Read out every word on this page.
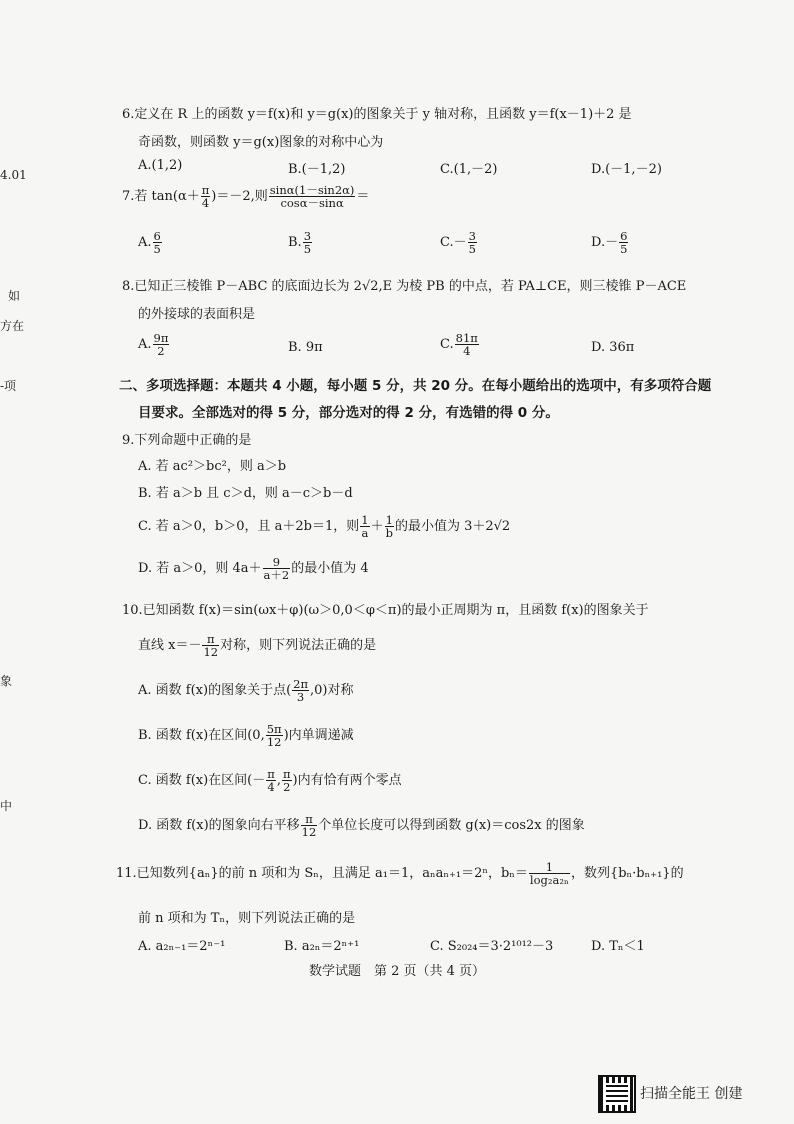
4.01
如
方在
-项
象
中
6.定义在 R 上的函数 y＝f(x)和 y＝g(x)的图象关于 y 轴对称，且函数 y＝f(x－1)＋2 是
奇函数，则函数 y＝g(x)图象的对称中心为
A.(1,2)	B.(－1,2)	C.(1,－2)	D.(－1,－2)
7.若 $\tan(\alpha+ \frac{\pi}{4} )=-2$,则 $\frac{\sin\alpha(1-\sin 2\alpha)}{\cos\alpha-\sin\alpha}$ ＝
A. $\frac{6}{5}$	B. $\frac{3}{5}$	$C.- \frac{3}{5}$	$D.- \frac{6}{5}$
8.已知正三棱锥 P－ABC 的底面边长为 2√2,E 为棱 PB 的中点，若 PA⊥CE，则三棱锥 P－ACE
的外接球的表面积是
A. $\frac{9\pi}{2}$	B. 9π	C. $\frac{81\pi}{4}$	D. 36π
二、多项选择题：本题共 4 小题，每小题 5 分，共 20 分。在每小题给出的选项中，有多项符合题
目要求。全部选对的得 5 分，部分选对的得 2 分，有选错的得 0 分。
9.下列命题中正确的是
A. 若 ac²＞bc²，则 a＞b
B. 若 a＞b 且 c＞d，则 a－c＞b－d
C. 若 a＞0，b＞0，且 a＋2b＝1，则 $\frac{1}{a} + \frac{1}{b}$ 的最小值为 3＋2√2
D. 若 a＞0，则 $4a+ \frac{9}{a+2}$ 的最小值为 4
10.已知函数 f(x)＝sin(ωx＋φ)(ω＞0,0＜φ＜π)的最小正周期为 π，且函数 f(x)的图象关于
直线 $x=- \frac{\pi}{12}$ 对称，则下列说法正确的是
A. 函数 f(x)的图象关于点( $\frac{2\pi}{3} ,0$)对称
B. 函数 f(x)在区间(0, $\frac{5\pi}{12}$ )内单调递减
C. 函数 f(x)在区间(－ $\frac{\pi}{4}$ , $\frac{\pi}{2}$ )内有恰有两个零点
D. 函数 f(x)的图象向右平移 $\frac{\pi}{12}$ 个单位长度可以得到函数 g(x)＝cos2x 的图象
11.已知数列{aₙ}的前 n 项和为 Sₙ，且满足 a₁＝1，aₙaₙ₊₁＝2ⁿ，$b_n= \frac{1}{\text{log₂a₂ₙ}}$ ，数列{bₙ·bₙ₊₁}的
前 n 项和为 Tₙ，则下列说法正确的是
A. a₂ₙ₋₁＝2ⁿ⁻¹	B. a₂ₙ＝2ⁿ⁺¹	C. S₂₀₂₄＝3·2¹⁰¹²－3	D. Tₙ＜1
数学试题　第 2 页（共 4 页）
扫描全能王 创建
